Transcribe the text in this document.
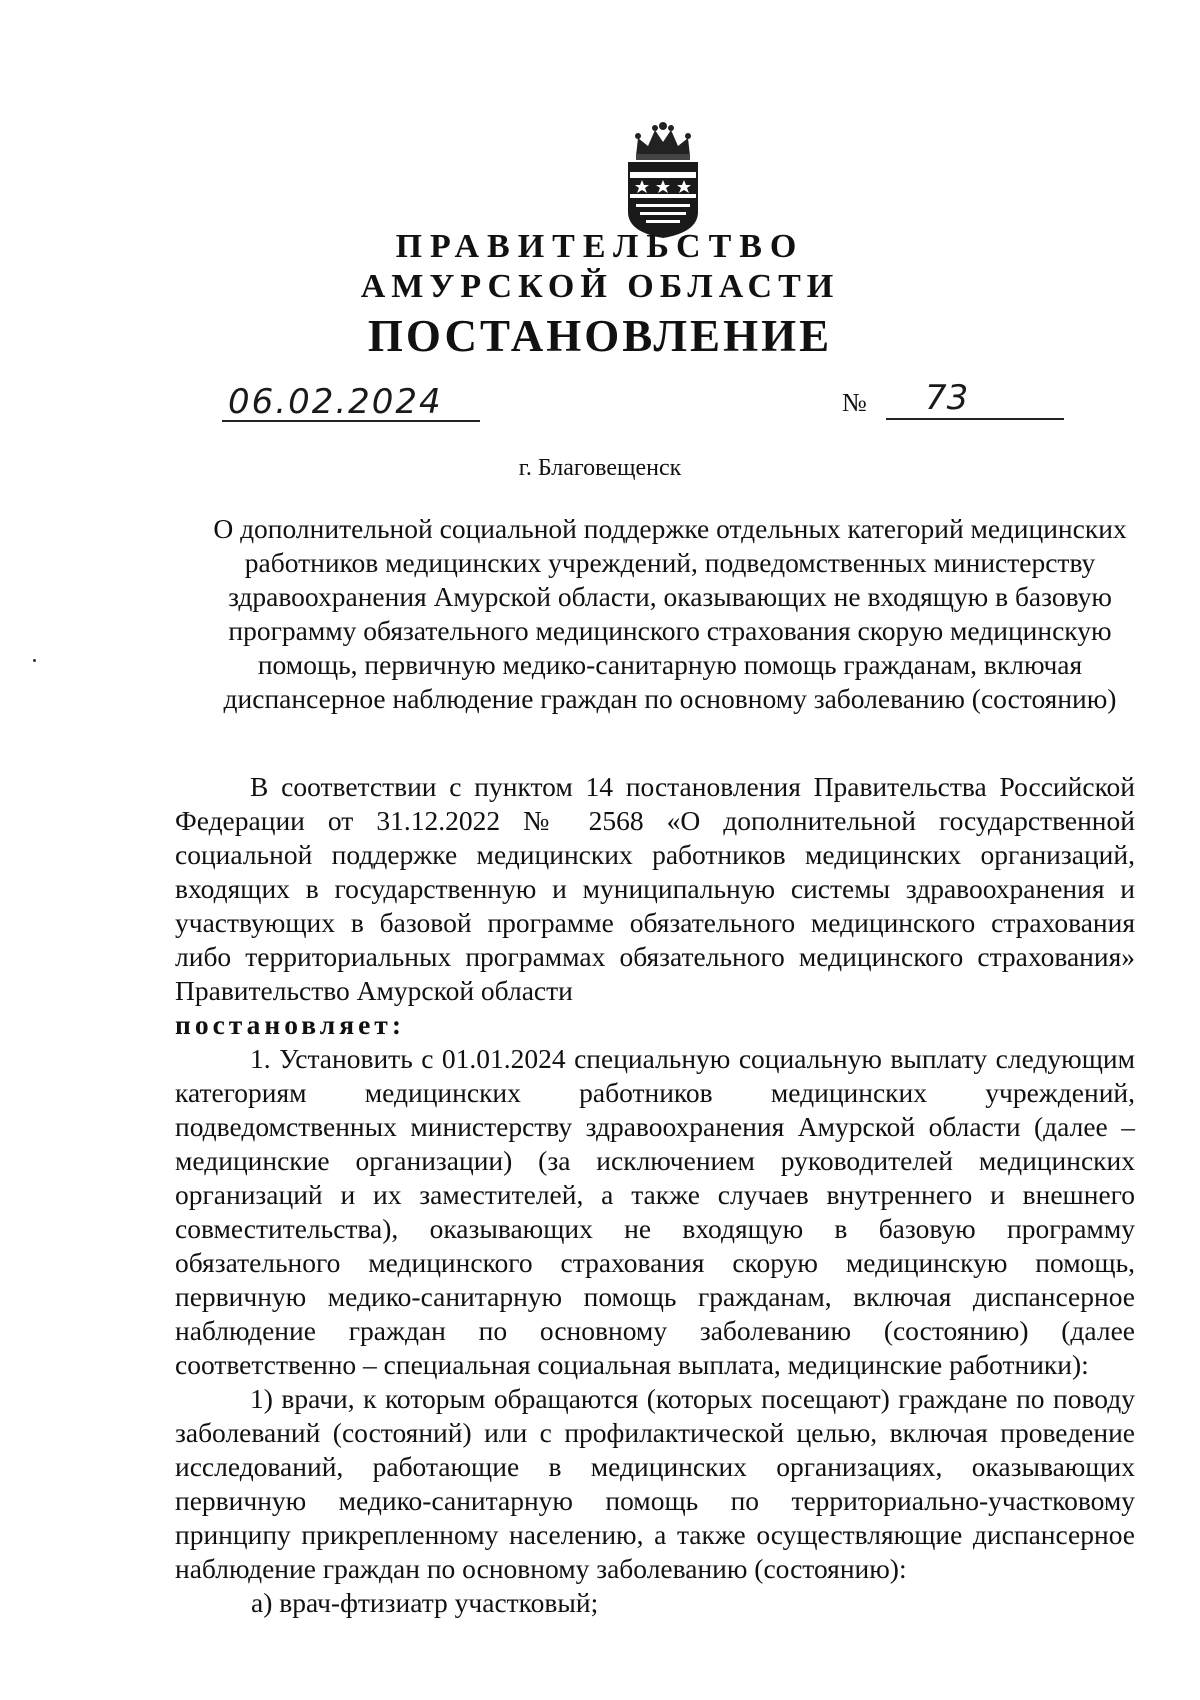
ПРАВИТЕЛЬСТВО
АМУРСКОЙ ОБЛАСТИ
ПОСТАНОВЛЕНИЕ
06.02.2024	№ 73
г. Благовещенск
О дополнительной социальной поддержке отдельных категорий медицинских работников медицинских учреждений, подведомственных министерству здравоохранения Амурской области, оказывающих не входящую в базовую программу обязательного медицинского страхования скорую медицинскую помощь, первичную медико-санитарную помощь гражданам, включая диспансерное наблюдение граждан по основному заболеванию (состоянию)

В соответствии с пунктом 14 постановления Правительства Российской Федерации от 31.12.2022 № 2568 «О дополнительной государственной социальной поддержке медицинских работников медицинских организаций, входящих в государственную и муниципальную системы здравоохранения и участвующих в базовой программе обязательного медицинского страхования либо территориальных программах обязательного медицинского страхования» Правительство Амурской области

постановляет:

1. Установить с 01.01.2024 специальную социальную выплату следующим категориям медицинских работников медицинских учреждений, подведомственных министерству здравоохранения Амурской области (далее – медицинские организации) (за исключением руководителей медицинских организаций и их заместителей, а также случаев внутреннего и внешнего совместительства), оказывающих не входящую в базовую программу обязательного медицинского страхования скорую медицинскую помощь, первичную медико-санитарную помощь гражданам, включая диспансерное наблюдение граждан по основному заболеванию (состоянию) (далее соответственно – специальная социальная выплата, медицинские работники):

1) врачи, к которым обращаются (которых посещают) граждане по поводу заболеваний (состояний) или с профилактической целью, включая проведение исследований, работающие в медицинских организациях, оказывающих первичную медико-санитарную помощь по территориально-участковому принципу прикрепленному населению, а также осуществляющие диспансерное наблюдение граждан по основному заболеванию (состоянию):

а) врач-фтизиатр участковый;
